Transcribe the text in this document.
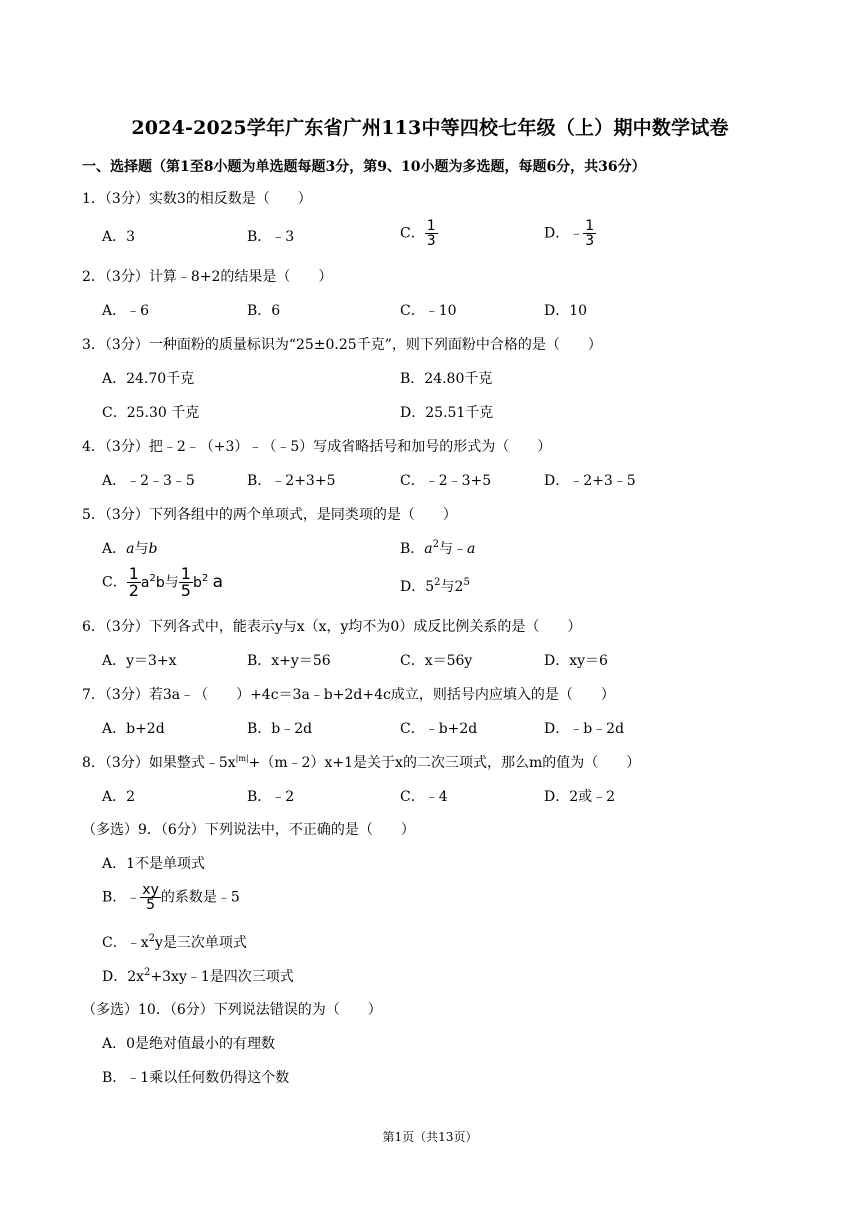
2024-2025学年广东省广州113中等四校七年级（上）期中数学试卷
一、选择题（第1至8小题为单选题每题3分，第9、10小题为多选题，每题6分，共36分）
1．（3分）实数3的相反数是（　　）
A．3	B．﹣3	C． $\frac{1}{3}$	D．﹣ $\frac{1}{3}$
2．（3分）计算﹣8+2的结果是（　　）
A．﹣6	B．6	C．﹣10	D．10
3．（3分）一种面粉的质量标识为“25±0.25千克”，则下列面粉中合格的是（　　）
A．24.70千克	B．24.80千克
C．25.30 千克	D．25.51千克
4．（3分）把﹣2﹣（+3）﹣（﹣5）写成省略括号和加号的形式为（　　）
A．﹣2﹣3﹣5	B．﹣2+3+5	C．﹣2﹣3+5	D．﹣2+3﹣5
5．（3分）下列各组中的两个单项式，是同类项的是（　　）
A．a与b	B．$a^2$与﹣a
C． $\frac{1}{2} a^2b$与 $\frac{1}{5} b^2$ a	D．$5^2$与$2^5$
6．（3分）下列各式中，能表示y与x（x，y均不为0）成反比例关系的是（　　）
A．y＝3+x	B．x+y＝56	C．x＝56y	D．xy＝6
7．（3分）若3a﹣（　　）+4c＝3a﹣b+2d+4c成立，则括号内应填入的是（　　）
A．b+2d	B．b﹣2d	C．﹣b+2d	D．﹣b﹣2d
8．（3分）如果整式$﹣5x^{|m|}+(m﹣2)x+1$是关于x的二次三项式，那么m的值为（　　）
A．2	B．﹣2	C．﹣4	D．2或﹣2
（多选）9．（6分）下列说法中，不正确的是（　　）
A．1不是单项式
B．﹣ $\frac{xy}{5}$ 的系数是﹣5
C．$﹣x^2y$是三次单项式
D．$2x^2+3xy﹣1$是四次三项式
（多选）10．（6分）下列说法错误的为（　　）
A．0是绝对值最小的有理数
B．﹣1乘以任何数仍得这个数
第1页（共13页）
